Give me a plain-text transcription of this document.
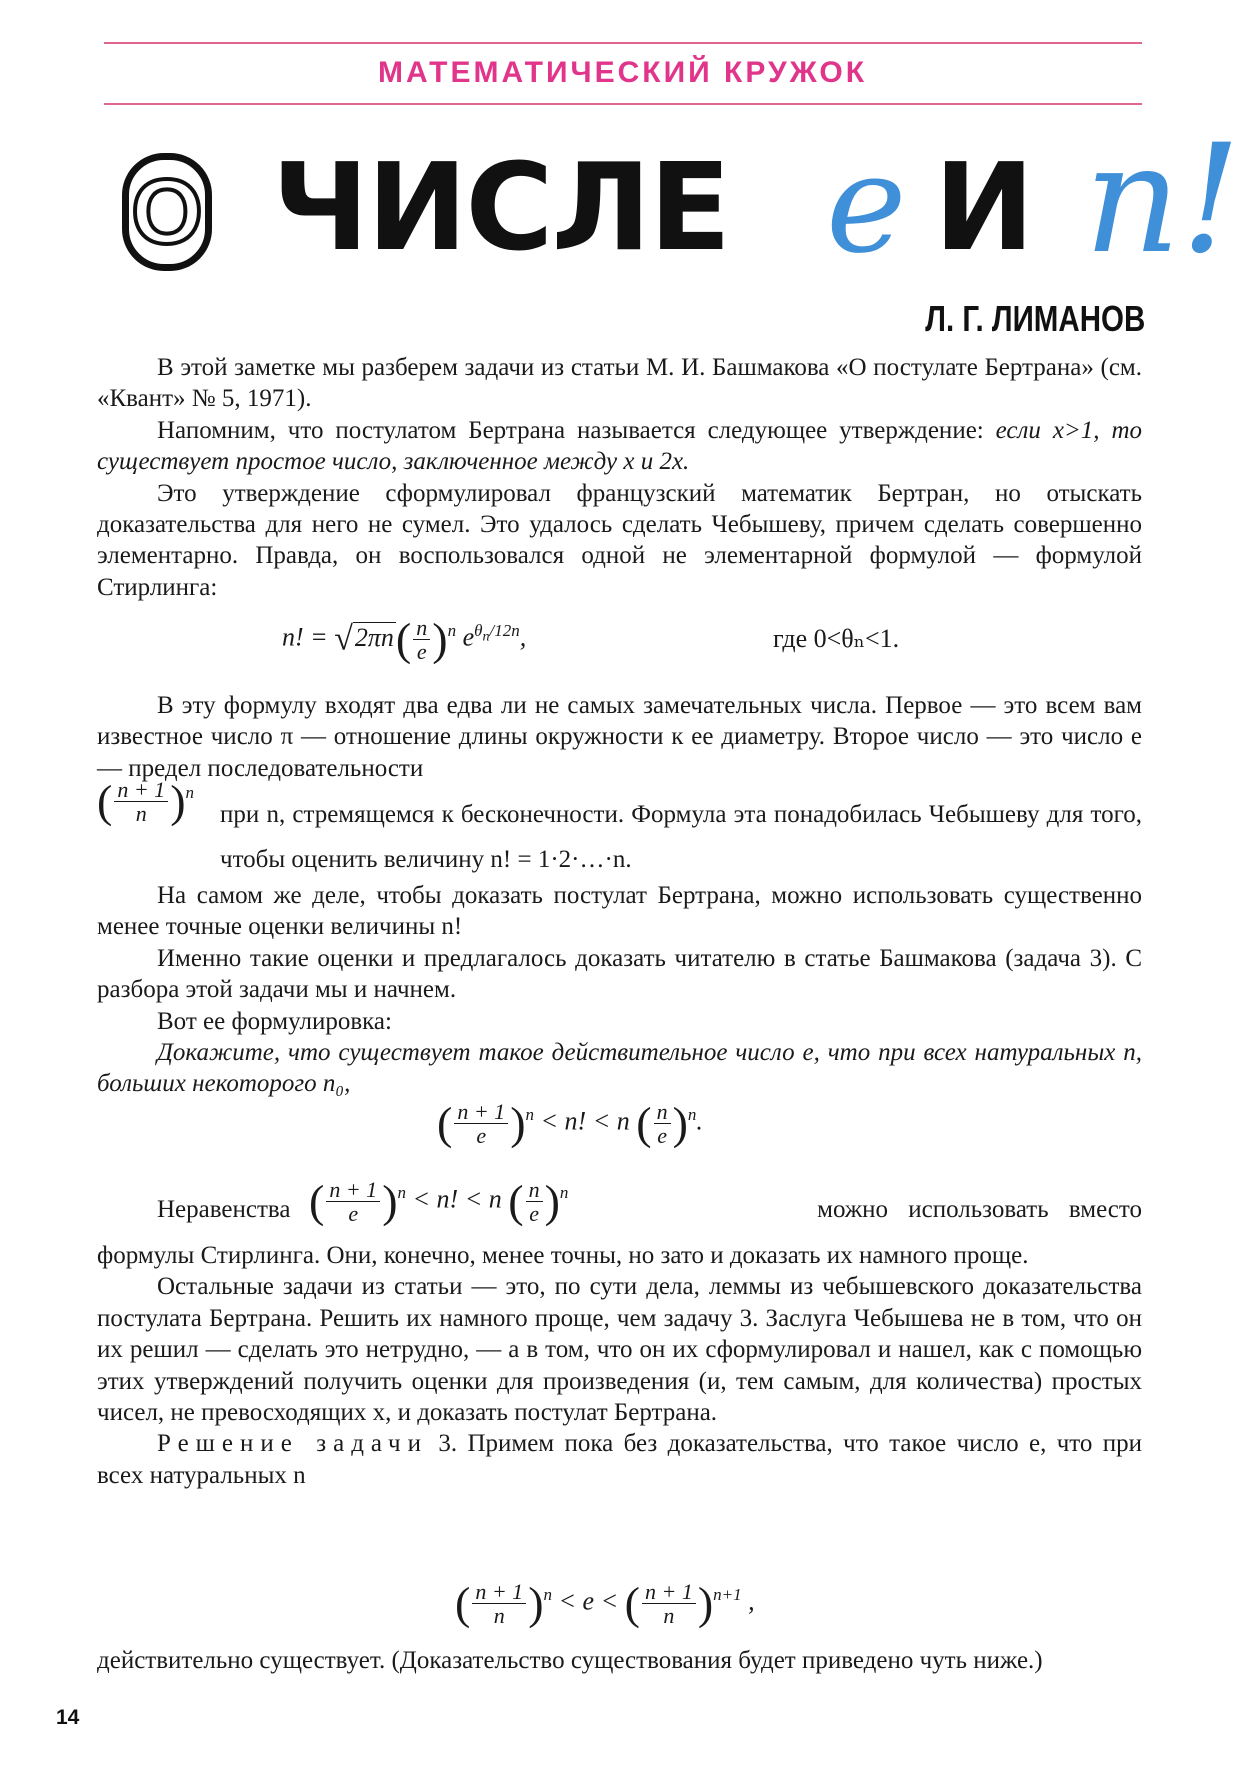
МАТЕМАТИЧЕСКИЙ КРУЖОК
О ЧИСЛЕ e И n!
Л. Г. ЛИМАНОВ

В этой заметке мы разберем задачи из статьи М. И. Башмакова «О постулате Бертрана» (см. «Квант» № 5, 1971).

Напомним, что постулатом Бертрана называется следующее утверждение: если x>1, то существует простое число, заключенное между x и 2x.

Это утверждение сформулировал французский математик Бертран, но отыскать доказательства для него не сумел. Это удалось сделать Чебышеву, причем сделать совершенно элементарно. Правда, он воспользовался одной не элементарной формулой — формулой Стирлинга:

n! = $√2\pi n( \frac{n}{e} )^n$ $e^{\theta_n/12n}$,	где 0<θₙ<1.

В эту формулу входят два едва ли не самых замечательных числа. Первое — это всем вам известное число π — отношение длины окружности к ее диаметру. Второе число — это число e — предел последовательности

( $\frac{n + 1}{n} )^n$

при n, стремящемся к бесконечности. Формула эта понадобилась Чебышеву для того, чтобы оценить величину n! = 1·2·…·n.

На самом же деле, чтобы доказать постулат Бертрана, можно использовать существенно менее точные оценки величины n!

Именно такие оценки и предлагалось доказать читателю в статье Башмакова (задача 3). С разбора этой задачи мы и начнем.

Вот ее формулировка:

Докажите, что существует такое действительное число e, что при всех натуральных n, больших некоторого n₀,

( $\frac{n + 1}{e} )^n < n$! < n ( $\frac{n}{e} )^n$.
Неравенства ( $\frac{n + 1}{e} )^n < n$! < n ( $\frac{n}{e} )^n$
можно использовать вместо

формулы Стирлинга. Они, конечно, менее точны, но зато и доказать их намного проще.

Остальные задачи из статьи — это, по сути дела, леммы из чебышевского доказательства постулата Бертрана. Решить их намного проще, чем задачу 3. Заслуга Чебышева не в том, что он их решил — сделать это нетрудно, — а в том, что он их сформулировал и нашел, как с помощью этих утверждений получить оценки для произведения (и, тем самым, для количества) простых чисел, не превосходящих x, и доказать постулат Бертрана.

Решение задачи 3. Примем пока без доказательства, что такое число e, что при всех натуральных n

( $\frac{n + 1}{n} )^n < e$ < ( $\frac{n + 1}{n} )^{n+1}$ ,

действительно существует. (Доказательство существования будет приведено чуть ниже.)

14
